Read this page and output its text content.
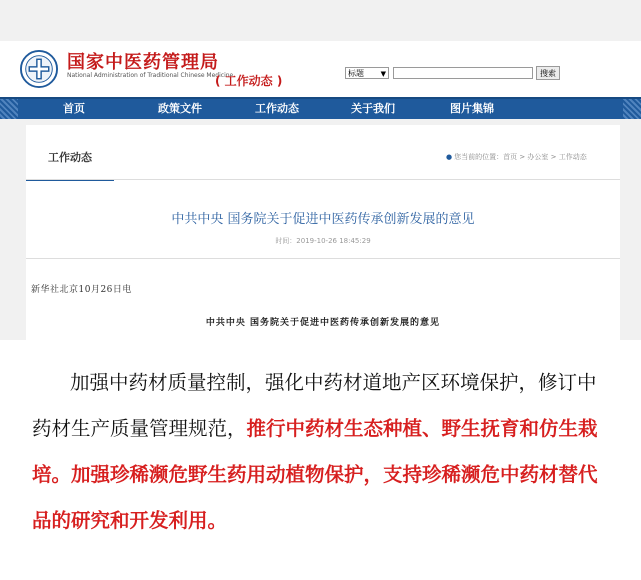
国家中医药管理局
National Administration of Traditional Chinese Medicine
( 工作动态 )
标题 ▼	搜索
首页	政策文件	工作动态	关于我们	图片集锦
工作动态	● 您当前的位置：首页 > 办公室 > 工作动态
中共中央 国务院关于促进中医药传承创新发展的意见
时间：2019-10-26 18:45:29
新华社北京10月26日电
中共中央 国务院关于促进中医药传承创新发展的意见
加强中药材质量控制，强化中药材道地产区环境保护，修订中药材生产质量管理规范，推行中药材生态种植、野生抚育和仿生栽培。加强珍稀濒危野生药用动植物保护，支持珍稀濒危中药材替代品的研究和开发利用。
